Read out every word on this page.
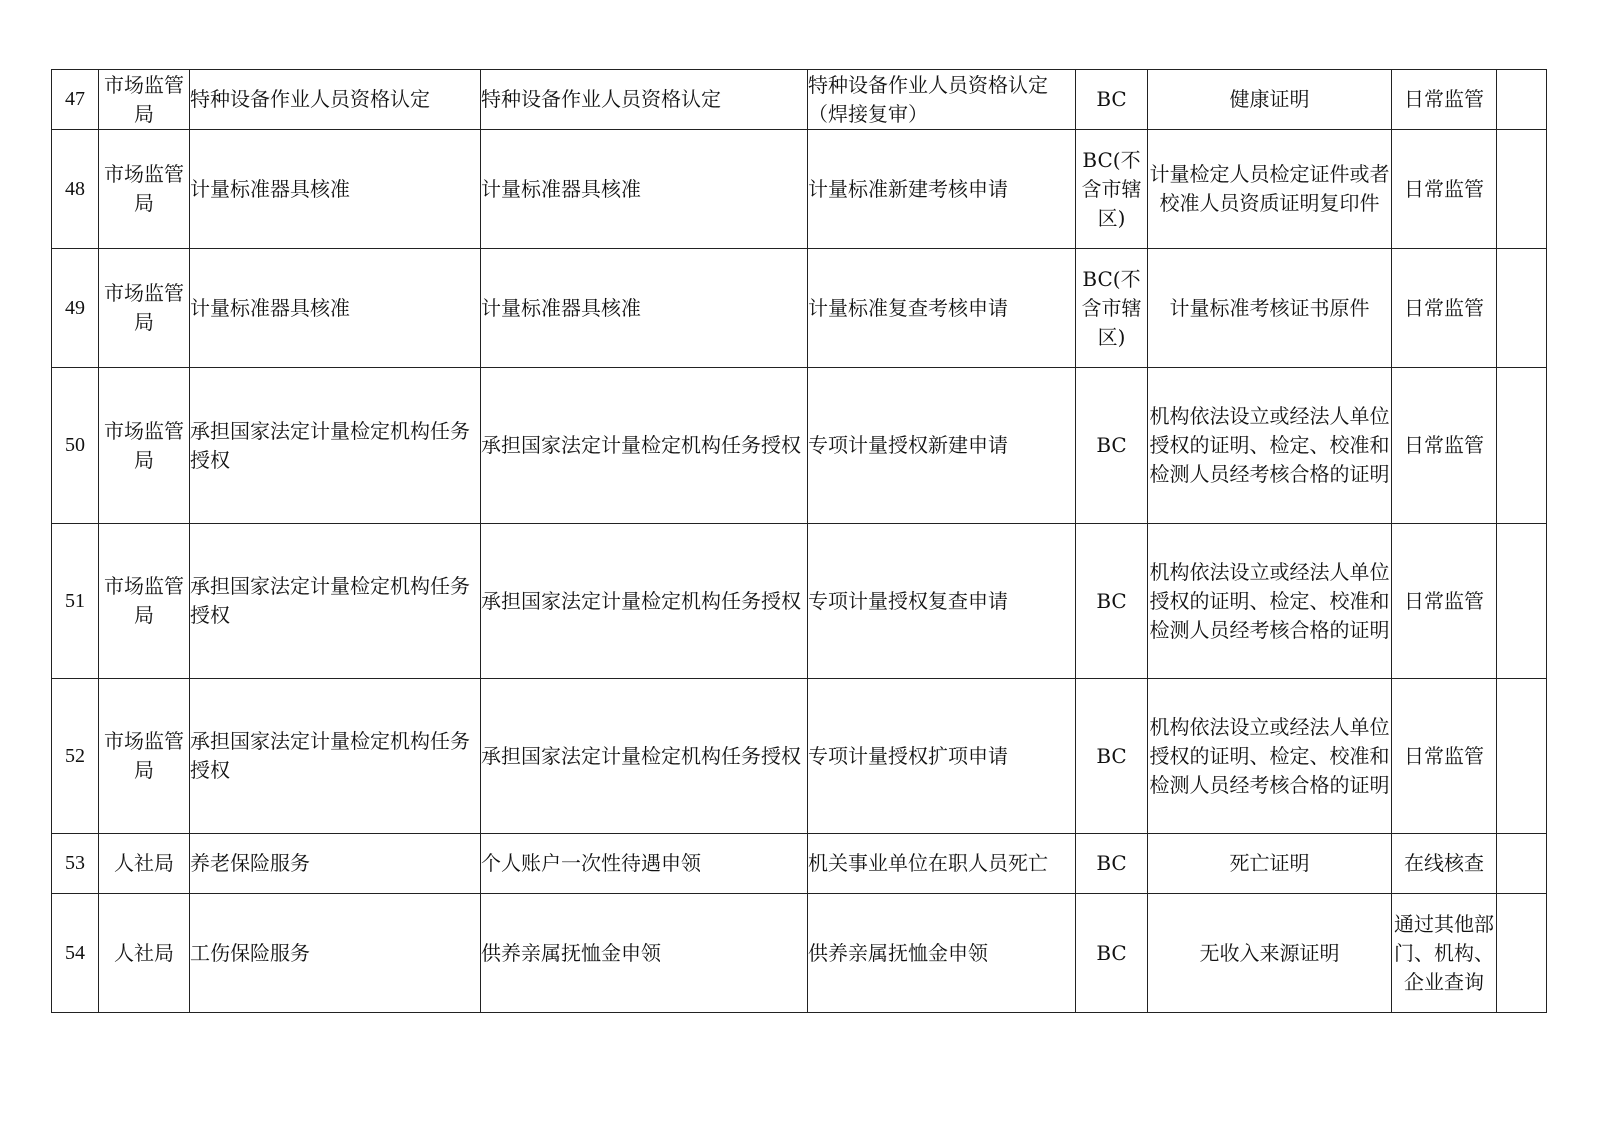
47	市场监管局	特种设备作业人员资格认定	特种设备作业人员资格认定	特种设备作业人员资格认定（焊接复审）	BC	健康证明	日常监管	
48	市场监管局	计量标准器具核准	计量标准器具核准	计量标准新建考核申请	BC(不含市辖区)	计量检定人员检定证件或者校准人员资质证明复印件	日常监管	
49	市场监管局	计量标准器具核准	计量标准器具核准	计量标准复查考核申请	BC(不含市辖区)	计量标准考核证书原件	日常监管	
50	市场监管局	承担国家法定计量检定机构任务授权	承担国家法定计量检定机构任务授权	专项计量授权新建申请	BC	机构依法设立或经法人单位授权的证明、检定、校准和检测人员经考核合格的证明	日常监管	
51	市场监管局	承担国家法定计量检定机构任务授权	承担国家法定计量检定机构任务授权	专项计量授权复查申请	BC	机构依法设立或经法人单位授权的证明、检定、校准和检测人员经考核合格的证明	日常监管	
52	市场监管局	承担国家法定计量检定机构任务授权	承担国家法定计量检定机构任务授权	专项计量授权扩项申请	BC	机构依法设立或经法人单位授权的证明、检定、校准和检测人员经考核合格的证明	日常监管	
53	人社局	养老保险服务	个人账户一次性待遇申领	机关事业单位在职人员死亡	BC	死亡证明	在线核查	
54	人社局	工伤保险服务	供养亲属抚恤金申领	供养亲属抚恤金申领	BC	无收入来源证明	通过其他部门、机构、企业查询	
